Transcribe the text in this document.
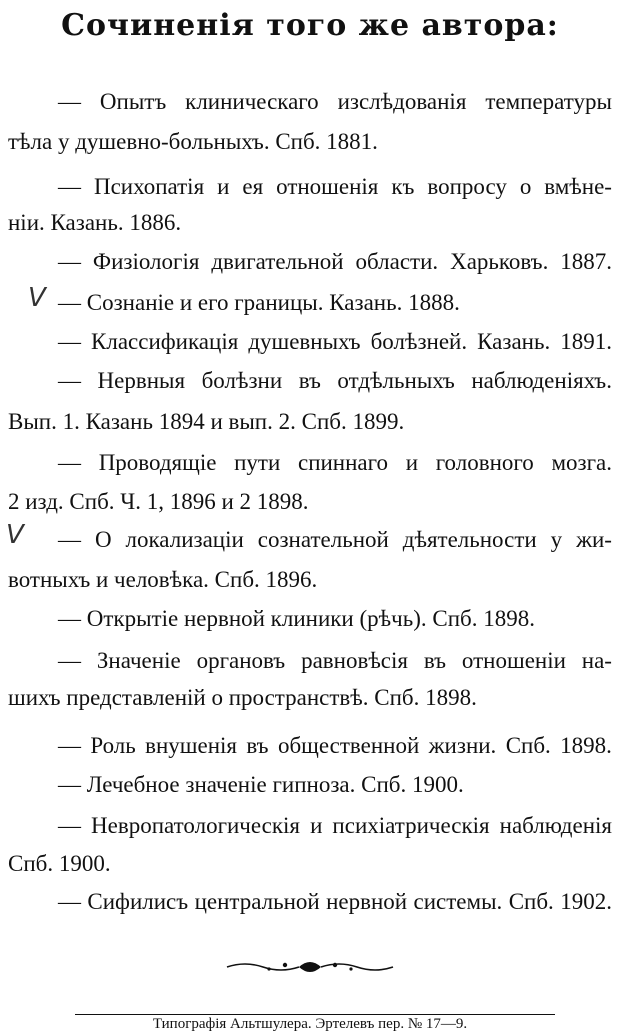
Сочиненія того же автора:
— Опытъ клиническаго изслѣдованія температуры
тѣла у душевно-больныхъ. Спб. 1881.
— Психопатія и ея отношенія къ вопросу о вмѣне-
ніи. Казань. 1886.
— Физіологія двигательной области. Харьковъ. 1887.
— Сознаніе и его границы. Казань. 1888.
— Классификація душевныхъ болѣзней. Казань. 1891.
— Нервныя болѣзни въ отдѣльныхъ наблюденіяхъ.
Вып. 1. Казань 1894 и вып. 2. Спб. 1899.
— Проводящіе пути спиннаго и головного мозга.
2 изд. Спб. Ч. 1, 1896 и 2 1898.
— О локализаціи сознательной дѣятельности у жи-
вотныхъ и человѣка. Спб. 1896.
— Открытіе нервной клиники (рѣчь). Спб. 1898.
— Значеніе органовъ равновѣсія въ отношеніи на-
шихъ представленій о пространствѣ. Спб. 1898.
— Роль внушенія въ общественной жизни. Спб. 1898.
— Лечебное значеніе гипноза. Спб. 1900.
— Невропатологическія и психіатрическія наблюденія
Спб. 1900.
— Сифилисъ центральной нервной системы. Спб. 1902.
V
V
Типографія Альтшулера. Эртелевъ пер. № 17—9.
